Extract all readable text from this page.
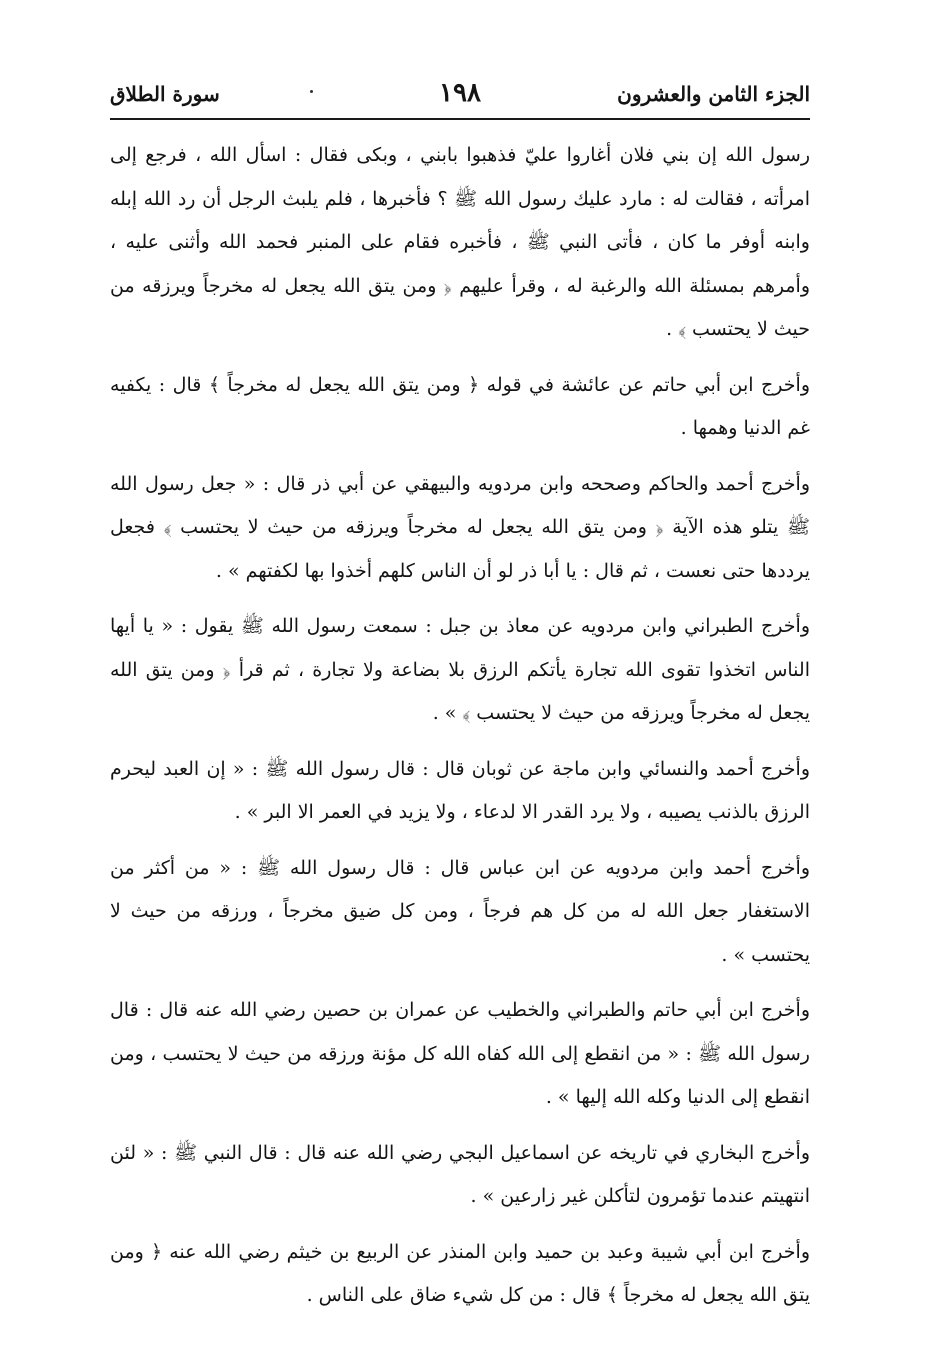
الجزء الثامن والعشرون
١٩٨
سورة الطلاق

رسول الله إن بني فلان أغاروا عليّ فذهبوا بابني ، وبكى فقال : اسأل الله ، فرجع إلى امرأته ، فقالت له : مارد عليك رسول الله ﷺ ؟ فأخبرها ، فلم يلبث الرجل أن رد الله إبله وابنه أوفر ما كان ، فأتى النبي ﷺ ، فأخبره فقام على المنبر فحمد الله وأثنى عليه ، وأمرهم بمسئلة الله والرغبة له ، وقرأ عليهم ﴿ ومن يتق الله يجعل له مخرجاً ويرزقه من حيث لا يحتسب ﴾ .

وأخرج ابن أبي حاتم عن عائشة في قوله ﴿ ومن يتق الله يجعل له مخرجاً ﴾ قال : يكفيه غم الدنيا وهمها .

وأخرج أحمد والحاكم وصححه وابن مردويه والبيهقي عن أبي ذر قال : « جعل رسول الله ﷺ يتلو هذه الآية ﴿ ومن يتق الله يجعل له مخرجاً ويرزقه من حيث لا يحتسب ﴾ فجعل يرددها حتى نعست ، ثم قال : يا أبا ذر لو أن الناس كلهم أخذوا بها لكفتهم » .

وأخرج الطبراني وابن مردويه عن معاذ بن جبل : سمعت رسول الله ﷺ يقول : « يا أيها الناس اتخذوا تقوى الله تجارة يأتكم الرزق بلا بضاعة ولا تجارة ، ثم قرأ ﴿ ومن يتق الله يجعل له مخرجاً ويرزقه من حيث لا يحتسب ﴾ » .

وأخرج أحمد والنسائي وابن ماجة عن ثوبان قال : قال رسول الله ﷺ : « إن العبد ليحرم الرزق بالذنب يصيبه ، ولا يرد القدر الا لدعاء ، ولا يزيد في العمر الا البر » .

وأخرج أحمد وابن مردويه عن ابن عباس قال : قال رسول الله ﷺ : « من أكثر من الاستغفار جعل الله له من كل هم فرجاً ، ومن كل ضيق مخرجاً ، ورزقه من حيث لا يحتسب » .

وأخرج ابن أبي حاتم والطبراني والخطيب عن عمران بن حصين رضي الله عنه قال : قال رسول الله ﷺ : « من انقطع إلى الله كفاه الله كل مؤنة ورزقه من حيث لا يحتسب ، ومن انقطع إلى الدنيا وكله الله إليها » .

وأخرج البخاري في تاريخه عن اسماعيل البجي رضي الله عنه قال : قال النبي ﷺ : « لئن انتهيتم عندما تؤمرون لتأكلن غير زارعين » .

وأخرج ابن أبي شيبة وعبد بن حميد وابن المنذر عن الربيع بن خيثم رضي الله عنه ﴿ ومن يتق الله يجعل له مخرجاً ﴾ قال : من كل شيء ضاق على الناس .
